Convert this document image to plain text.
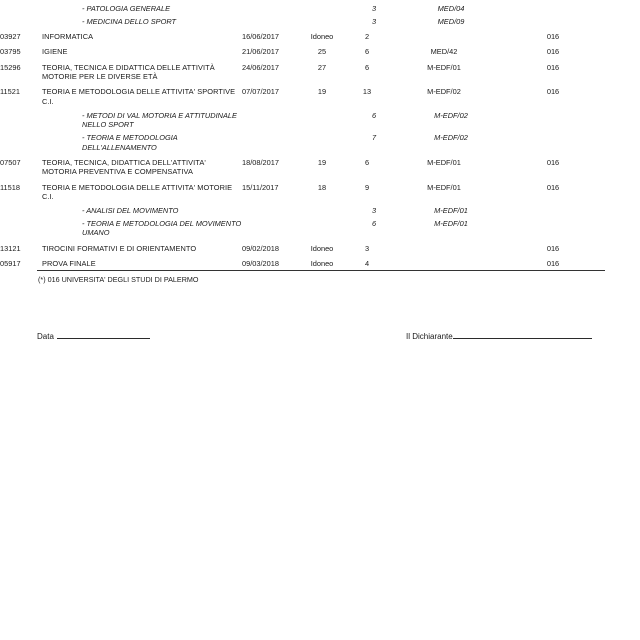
	- PATOLOGIA GENERALE			3	MED/04	
	- MEDICINA DELLO SPORT			3	MED/09	
03927	INFORMATICA	16/06/2017	Idoneo	2		016
03795	IGIENE	21/06/2017	25	6	MED/42	016
15296	TEORIA, TECNICA E DIDATTICA DELLE ATTIVITÀ MOTORIE PER LE DIVERSE ETÀ	24/06/2017	27	6	M-EDF/01	016
11521	TEORIA E METODOLOGIA DELLE ATTIVITA' SPORTIVE C.I.	07/07/2017	19	13	M-EDF/02	016
	- METODI DI VAL MOTORIA E ATTITUDINALE NELLO SPORT			6	M-EDF/02	
	- TEORIA E METODOLOGIA DELL'ALLENAMENTO			7	M-EDF/02	
07507	TEORIA, TECNICA, DIDATTICA DELL'ATTIVITA' MOTORIA PREVENTIVA E COMPENSATIVA	18/08/2017	19	6	M-EDF/01	016
11518	TEORIA E METODOLOGIA DELLE ATTIVITA' MOTORIE C.I.	15/11/2017	18	9	M-EDF/01	016
	- ANALISI DEL MOVIMENTO			3	M-EDF/01	
	- TEORIA E METODOLOGIA DEL MOVIMENTO UMANO			6	M-EDF/01	
13121	TIROCINI FORMATIVI E DI ORIENTAMENTO	09/02/2018	Idoneo	3		016
05917	PROVA FINALE	09/03/2018	Idoneo	4		016
(*) 016 UNIVERSITA' DEGLI STUDI DI PALERMO
Data	Il Dichiarante
